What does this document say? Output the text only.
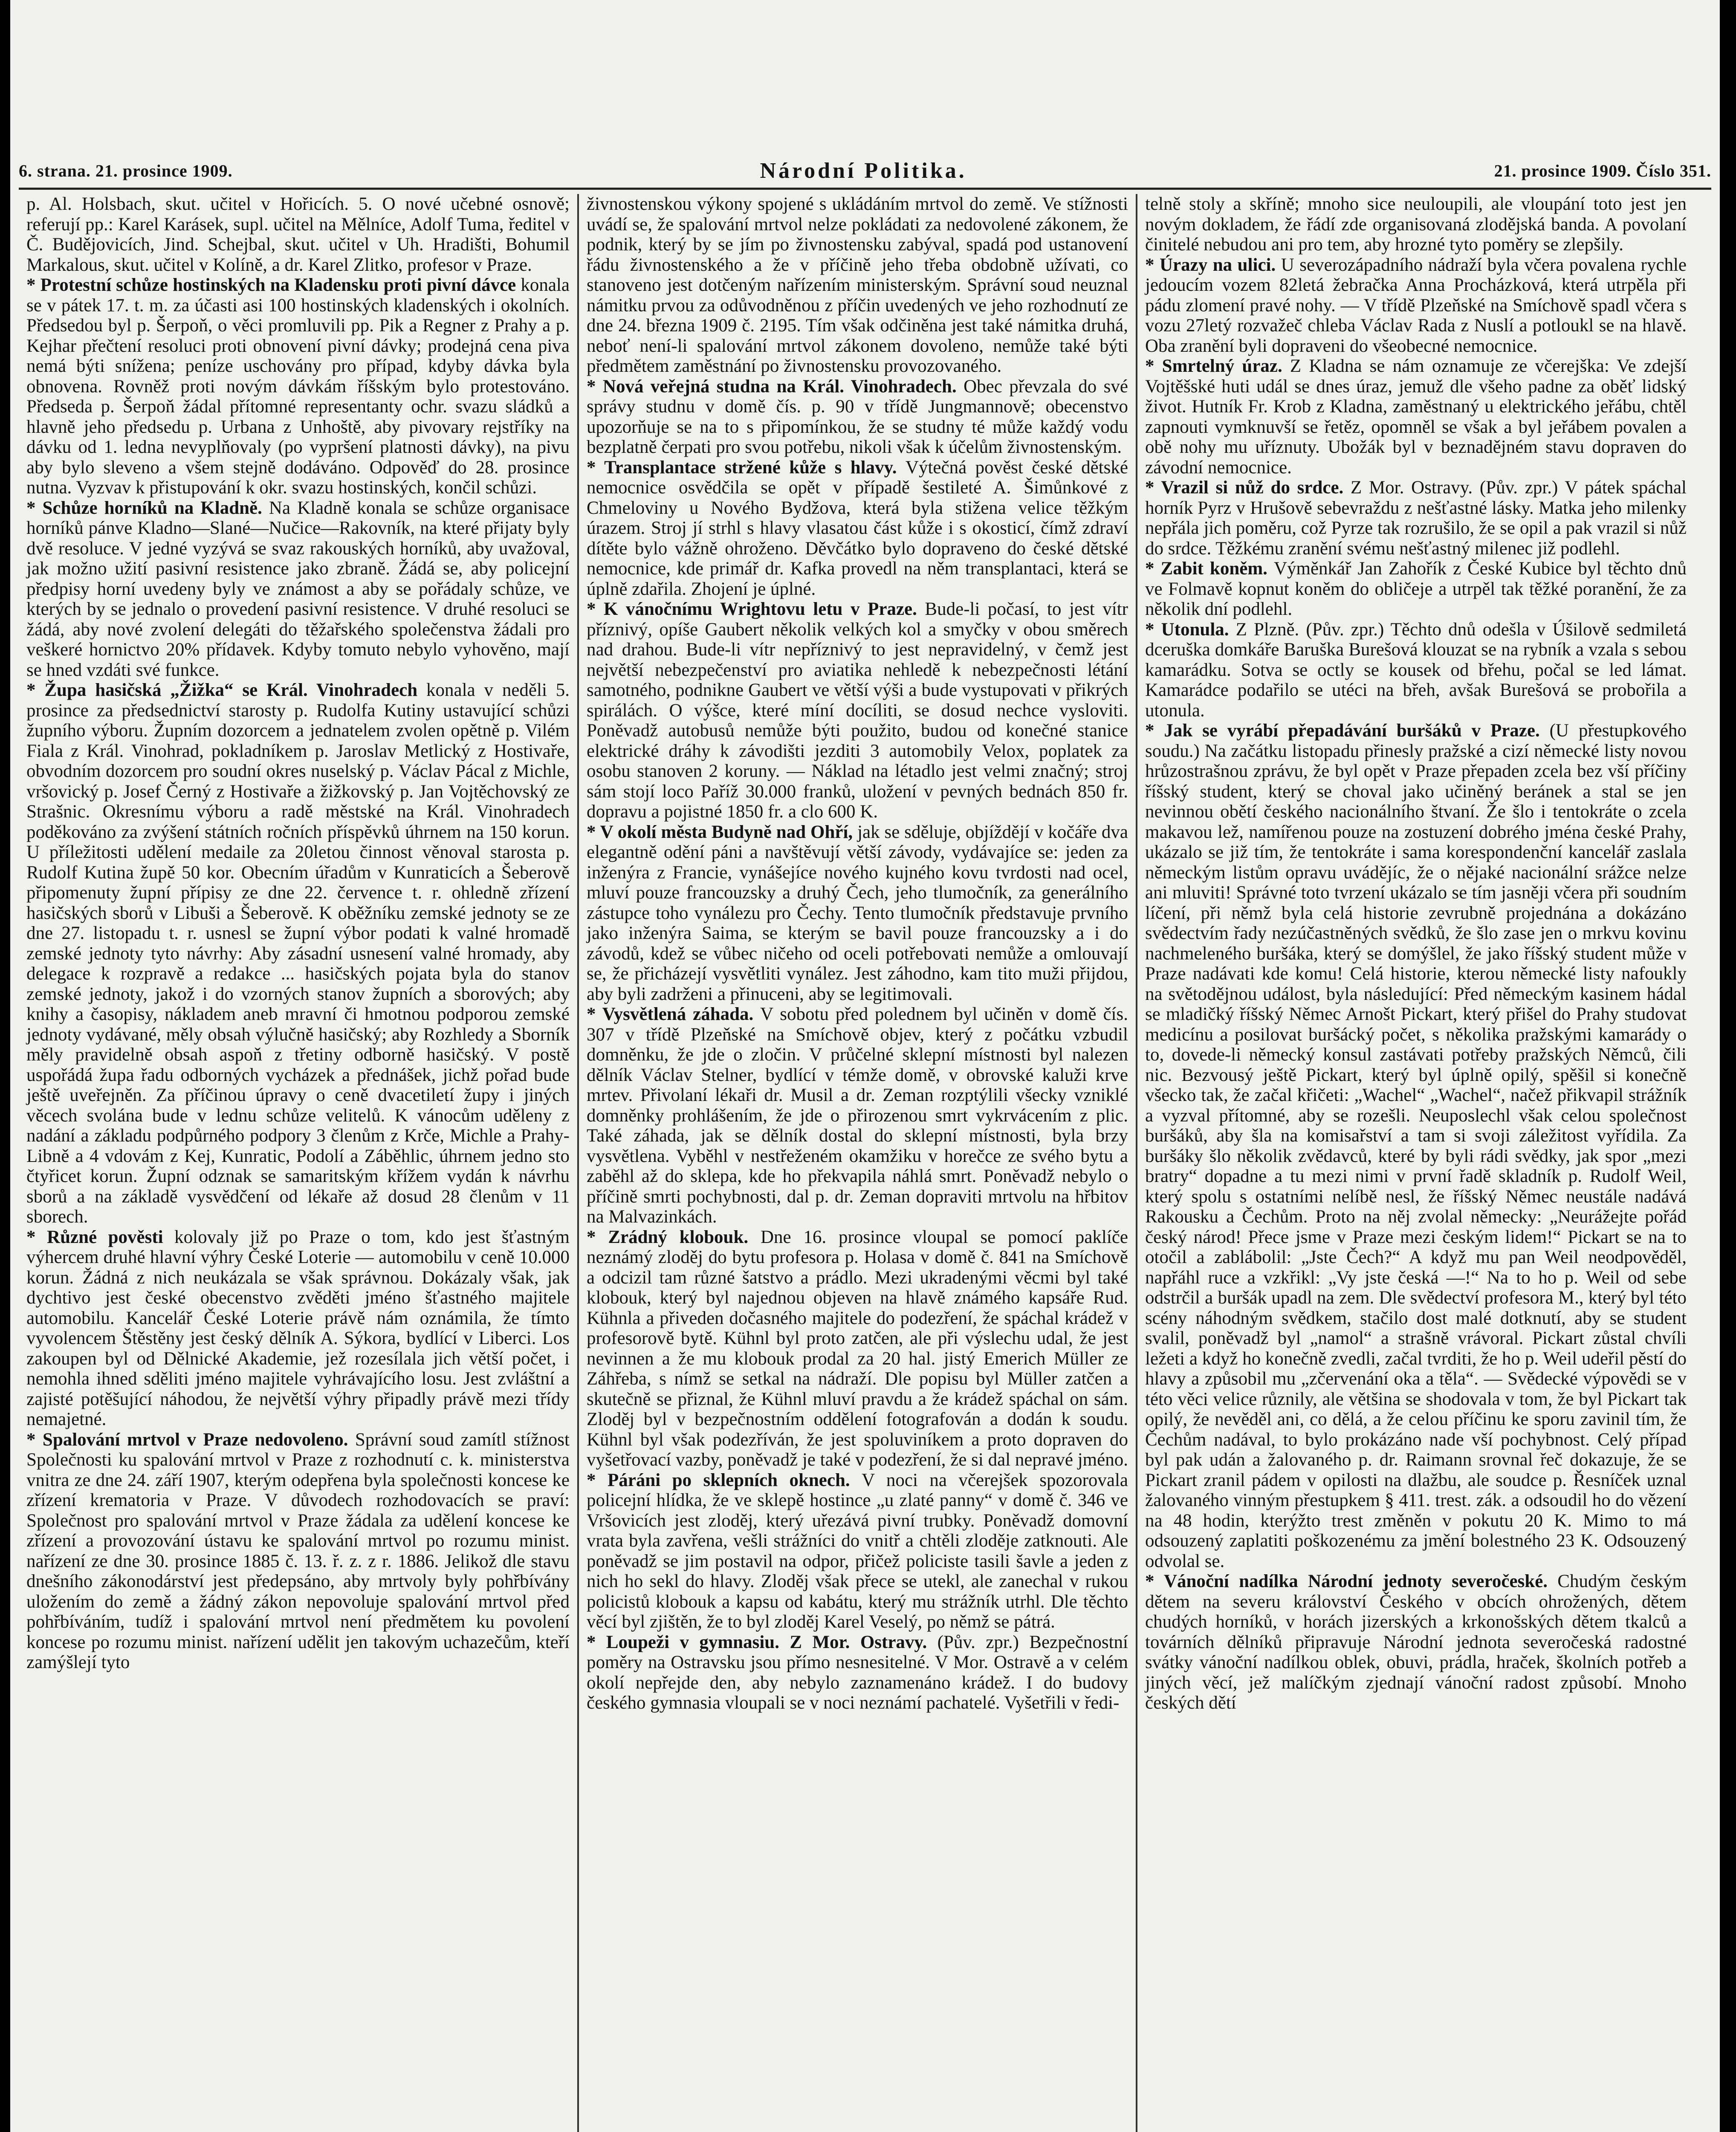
6. strana. 21. prosince 1909.	Národní Politika.	21. prosince 1909. Číslo 351.

p. Al. Holsbach, skut. učitel v Hořicích. 5. O nové učebné osnově; referují pp.: Karel Karásek, supl. učitel na Mělníce, Adolf Tuma, ředitel v Č. Budějovicích, Jind. Schejbal, skut. učitel v Uh. Hradišti, Bohumil Markalous, skut. učitel v Kolíně, a dr. Karel Zlitko, profesor v Praze.

* Protestní schůze hostinských na Kladensku proti pivní dávce konala se v pátek 17. t. m. za účasti asi 100 hostinských kladenských i okolních. Předsedou byl p. Šerpoň, o věci promluvili pp. Pik a Regner z Prahy a p. Kejhar přečtení resoluci proti obnovení pivní dávky; prodejná cena piva nemá býti snížena; peníze uschovány pro případ, kdyby dávka byla obnovena. Rovněž proti novým dávkám říšským bylo protestováno. Předseda p. Šerpoň žádal přítomné representanty ochr. svazu sládků a hlavně jeho předsedu p. Urbana z Unhoště, aby pivovary rejstříky na dávku od 1. ledna nevyplňovaly (po vypršení platnosti dávky), na pivu aby bylo sleveno a všem stejně dodáváno. Odpověď do 28. prosince nutna. Vyzvav k přistupování k okr. svazu hostinských, končil schůzi.

* Schůze horníků na Kladně. Na Kladně konala se schůze organisace horníků pánve Kladno—Slané—Nučice—Rakovník, na které přijaty byly dvě resoluce. V jedné vyzývá se svaz rakouských horníků, aby uvažoval, jak možno užití pasivní resistence jako zbraně. Žádá se, aby policejní předpisy horní uvedeny byly ve známost a aby se pořádaly schůze, ve kterých by se jednalo o provedení pasivní resistence. V druhé resoluci se žádá, aby nové zvolení delegáti do těžařského společenstva žádali pro veškeré hornictvo 20% přídavek. Kdyby tomuto nebylo vyhověno, mají se hned vzdáti své funkce.

* Župa hasičská „Žižka“ se Král. Vinohradech konala v neděli 5. prosince za předsednictví starosty p. Rudolfa Kutiny ustavující schůzi župního výboru. Župním dozorcem a jednatelem zvolen opětně p. Vilém Fiala z Král. Vinohrad, pokladníkem p. Jaroslav Metlický z Hostivaře, obvodním dozorcem pro soudní okres nuselský p. Václav Pácal z Michle, vršovický p. Josef Černý z Hostivaře a žižkovský p. Jan Vojtěchovský ze Strašnic. Okresnímu výboru a radě městské na Král. Vinohradech poděkováno za zvýšení státních ročních příspěvků úhrnem na 150 korun. U příležitosti udělení medaile za 20letou činnost věnoval starosta p. Rudolf Kutina župě 50 kor. Obecním úřadům v Kunraticích a Šeberově připomenuty župní přípisy ze dne 22. července t. r. ohledně zřízení hasičských sborů v Libuši a Šeberově. K oběžníku zemské jednoty se ze dne 27. listopadu t. r. usnesl se župní výbor podati k valné hromadě zemské jednoty tyto návrhy: Aby zásadní usnesení valné hromady, aby delegace k rozpravě a redakce ... hasičských pojata byla do stanov zemské jednoty, jakož i do vzorných stanov župních a sborových; aby knihy a časopisy, nákladem aneb mravní či hmotnou podporou zemské jednoty vydávané, měly obsah výlučně hasičský; aby Rozhledy a Sborník měly pravidelně obsah aspoň z třetiny odborně hasičský. V postě uspořádá župa řadu odborných vycházek a přednášek, jichž pořad bude ještě uveřejněn. Za příčinou úpravy o ceně dvacetiletí župy i jiných věcech svolána bude v lednu schůze velitelů. K vánocům uděleny z nadání a základu podpůrného podpory 3 členům z Krče, Michle a Prahy-Libně a 4 vdovám z Kej, Kunratic, Podolí a Záběhlic, úhrnem jedno sto čtyřicet korun. Župní odznak se samaritským křížem vydán k návrhu sborů a na základě vysvědčení od lékaře až dosud 28 členům v 11 sborech.

* Různé pověsti kolovaly již po Praze o tom, kdo jest šťastným výhercem druhé hlavní výhry České Loterie — automobilu v ceně 10.000 korun. Žádná z nich neukázala se však správnou. Dokázaly však, jak dychtivo jest české obecenstvo zvěděti jméno šťastného majitele automobilu. Kancelář České Loterie právě nám oznámila, že tímto vyvolencem Štěstěny jest český dělník A. Sýkora, bydlící v Liberci. Los zakoupen byl od Dělnické Akademie, jež rozesílala jich větší počet, i nemohla ihned sděliti jméno majitele vyhrávajícího losu. Jest zvláštní a zajisté potěšující náhodou, že největší výhry připadly právě mezi třídy nemajetné.

* Spalování mrtvol v Praze nedovoleno. Správní soud zamítl stížnost Společnosti ku spalování mrtvol v Praze z rozhodnutí c. k. ministerstva vnitra ze dne 24. září 1907, kterým odepřena byla společnosti koncese ke zřízení krematoria v Praze. V důvodech rozhodovacích se praví: Společnost pro spalování mrtvol v Praze žádala za udělení koncese ke zřízení a provozování ústavu ke spalování mrtvol po rozumu minist. nařízení ze dne 30. prosince 1885 č. 13. ř. z. z r. 1886. Jelikož dle stavu dnešního zákonodárství jest předepsáno, aby mrtvoly byly pohřbívány uložením do země a žádný zákon nepovoluje spalování mrtvol před pohřbíváním, tudíž i spalování mrtvol není předmětem ku povolení koncese po rozumu minist. nařízení udělit jen takovým uchazečům, kteří zamýšlejí tyto

živnostenskou výkony spojené s ukládáním mrtvol do země. Ve stížnosti uvádí se, že spalování mrtvol nelze pokládati za nedovolené zákonem, že podnik, který by se jím po živnostensku zabýval, spadá pod ustanovení řádu živnostenského a že v příčině jeho třeba obdobně užívati, co stanoveno jest dotčeným nařízením ministerským. Správní soud neuznal námitku prvou za odůvodněnou z příčin uvedených ve jeho rozhodnutí ze dne 24. března 1909 č. 2195. Tím však odčiněna jest také námitka druhá, neboť není-li spalování mrtvol zákonem dovoleno, nemůže také býti předmětem zaměstnání po živnostensku provozovaného.

* Nová veřejná studna na Král. Vinohradech. Obec převzala do své správy studnu v domě čís. p. 90 v třídě Jungmannově; obecenstvo upozorňuje se na to s připomínkou, že se studny té může každý vodu bezplatně čerpati pro svou potřebu, nikoli však k účelům živnostenským.

* Transplantace stržené kůže s hlavy. Výtečná pověst české dětské nemocnice osvědčila se opět v případě šestileté A. Šimůnkové z Chmeloviny u Nového Bydžova, která byla stižena velice těžkým úrazem. Stroj jí strhl s hlavy vlasatou část kůže i s okosticí, čímž zdraví dítěte bylo vážně ohroženo. Děvčátko bylo dopraveno do české dětské nemocnice, kde primář dr. Kafka provedl na něm transplantaci, která se úplně zdařila. Zhojení je úplné.

* K vánočnímu Wrightovu letu v Praze. Bude-li počasí, to jest vítr příznivý, opíše Gaubert několik velkých kol a smyčky v obou směrech nad drahou. Bude-li vítr nepříznivý to jest nepravidelný, v čemž jest největší nebezpečenství pro aviatika nehledě k nebezpečnosti létání samotného, podnikne Gaubert ve větší výši a bude vystupovati v přikrých spirálách. O výšce, které míní docíliti, se dosud nechce vysloviti. Poněvadž autobusů nemůže býti použito, budou od konečné stanice elektrické dráhy k závodišti jezditi 3 automobily Velox, poplatek za osobu stanoven 2 koruny. — Náklad na létadlo jest velmi značný; stroj sám stojí loco Paříž 30.000 franků, uložení v pevných bednách 850 fr. dopravu a pojistné 1850 fr. a clo 600 K.

* V okolí města Budyně nad Ohří, jak se sděluje, objíždějí v kočáře dva elegantně odění páni a navštěvují větší závody, vydávajíce se: jeden za inženýra z Francie, vynášejíce nového kujného kovu tvrdosti nad ocel, mluví pouze francouzsky a druhý Čech, jeho tlumočník, za generálního zástupce toho vynálezu pro Čechy. Tento tlumočník představuje prvního jako inženýra Saima, se kterým se bavil pouze francouzsky a i do závodů, kdež se vůbec ničeho od oceli potřebovati nemůže a omlouvají se, že přicházejí vysvětliti vynález. Jest záhodno, kam tito muži přijdou, aby byli zadrženi a přinuceni, aby se legitimovali.

* Vysvětlená záhada. V sobotu před polednem byl učiněn v domě čís. 307 v třídě Plzeňské na Smíchově objev, který z počátku vzbudil domněnku, že jde o zločin. V průčelné sklepní místnosti byl nalezen dělník Václav Stelner, bydlící v témže domě, v obrovské kaluži krve mrtev. Přivolaní lékaři dr. Musil a dr. Zeman rozptýlili všecky vzniklé domněnky prohlášením, že jde o přirozenou smrt vykrvácením z plic. Také záhada, jak se dělník dostal do sklepní místnosti, byla brzy vysvětlena. Vyběhl v nestřeženém okamžiku v horečce ze svého bytu a zaběhl až do sklepa, kde ho překvapila náhlá smrt. Poněvadž nebylo o příčině smrti pochybnosti, dal p. dr. Zeman dopraviti mrtvolu na hřbitov na Malvazinkách.

* Zrádný klobouk. Dne 16. prosince vloupal se pomocí paklíče neznámý zloděj do bytu profesora p. Holasa v domě č. 841 na Smíchově a odcizil tam různé šatstvo a prádlo. Mezi ukradenými věcmi byl také klobouk, který byl najednou objeven na hlavě známého kapsáře Rud. Kühnla a přiveden dočasného majitele do podezření, že spáchal krádež v profesorově bytě. Kühnl byl proto zatčen, ale při výslechu udal, že jest nevinnen a že mu klobouk prodal za 20 hal. jistý Emerich Müller ze Záhřeba, s nímž se setkal na nádraží. Dle popisu byl Müller zatčen a skutečně se přiznal, že Kühnl mluví pravdu a že krádež spáchal on sám. Zloděj byl v bezpečnostním oddělení fotografován a dodán k soudu. Kühnl byl však podezříván, že jest spoluviníkem a proto dopraven do vyšetřovací vazby, poněvadž je také v podezření, že si dal nepravé jméno.

* Páráni po sklepních oknech. V noci na včerejšek spozorovala policejní hlídka, že ve sklepě hostince „u zlaté panny“ v domě č. 346 ve Vršovicích jest zloděj, který uřezává pivní trubky. Poněvadž domovní vrata byla zavřena, vešli strážníci do vnitř a chtěli zloděje zatknouti. Ale poněvadž se jim postavil na odpor, přičež policiste tasili šavle a jeden z nich ho sekl do hlavy. Zloděj však přece se utekl, ale zanechal v rukou policistů klobouk a kapsu od kabátu, který mu strážník utrhl. Dle těchto věcí byl zjištěn, že to byl zloděj Karel Veselý, po němž se pátrá.

* Loupeži v gymnasiu. Z Mor. Ostravy. (Pův. zpr.) Bezpečnostní poměry na Ostravsku jsou přímo nesnesitelné. V Mor. Ostravě a v celém okolí nepřejde den, aby nebylo zaznamenáno krádež. I do budovy českého gymnasia vloupali se v noci neznámí pachatelé. Vyšetřili v ředi-

telně stoly a skříně; mnoho sice neuloupili, ale vloupání toto jest jen novým dokladem, že řádí zde organisovaná zlodějská banda. A povolaní činitelé nebudou ani pro tem, aby hrozné tyto poměry se zlepšily.

* Úrazy na ulici. U severozápadního nádraží byla včera povalena rychle jedoucím vozem 82letá žebračka Anna Procházková, která utrpěla při pádu zlomení pravé nohy. — V třídě Plzeňské na Smíchově spadl včera s vozu 27letý rozvažeč chleba Václav Rada z Nuslí a potloukl se na hlavě. Oba zranění byli dopraveni do všeobecné nemocnice.

* Smrtelný úraz. Z Kladna se nám oznamuje ze včerejška: Ve zdejší Vojtěšské huti udál se dnes úraz, jemuž dle všeho padne za oběť lidský život. Hutník Fr. Krob z Kladna, zaměstnaný u elektrického jeřábu, chtěl zapnouti vymknuvší se řetěz, opomněl se však a byl jeřábem povalen a obě nohy mu uříznuty. Ubožák byl v beznadějném stavu dopraven do závodní nemocnice.

* Vrazil si nůž do srdce. Z Mor. Ostravy. (Pův. zpr.) V pátek spáchal horník Pyrz v Hrušově sebevraždu z nešťastné lásky. Matka jeho milenky nepřála jich poměru, což Pyrze tak rozrušilo, že se opil a pak vrazil si nůž do srdce. Těžkému zranění svému nešťastný milenec již podlehl.

* Zabit koněm. Výměnkář Jan Zahořík z České Kubice byl těchto dnů ve Folmavě kopnut koněm do obličeje a utrpěl tak těžké poranění, že za několik dní podlehl.

* Utonula. Z Plzně. (Pův. zpr.) Těchto dnů odešla v Úšilově sedmiletá dceruška domkáře Baruška Burešová klouzat se na rybník a vzala s sebou kamarádku. Sotva se octly se kousek od břehu, počal se led lámat. Kamarádce podařilo se utéci na břeh, avšak Burešová se probořila a utonula.

* Jak se vyrábí přepadávání buršáků v Praze. (U přestupkového soudu.) Na začátku listopadu přinesly pražské a cizí německé listy novou hrůzostrašnou zprávu, že byl opět v Praze přepaden zcela bez vší příčiny říšský student, který se choval jako učiněný beránek a stal se jen nevinnou obětí českého nacionálního štvaní. Že šlo i tentokráte o zcela makavou lež, namířenou pouze na zostuzení dobrého jména české Prahy, ukázalo se již tím, že tentokráte i sama korespondenční kancelář zaslala německým listům opravu uvádějíc, že o nějaké nacionální srážce nelze ani mluviti! Správné toto tvrzení ukázalo se tím jasněji včera při soudním líčení, při němž byla celá historie zevrubně projednána a dokázáno svědectvím řady nezúčastněných svědků, že šlo zase jen o mrkvu kovinu nachmeleného buršáka, který se domýšlel, že jako říšský student může v Praze nadávati kde komu! Celá historie, kterou německé listy nafoukly na světodějnou událost, byla následující: Před německým kasinem hádal se mladičký říšský Němec Arnošt Pickart, který přišel do Prahy studovat medicínu a posilovat buršácký počet, s několika pražskými kamarády o to, dovede-li německý konsul zastávati potřeby pražských Němců, čili nic. Bezvousý ještě Pickart, který byl úplně opilý, spěšil si konečně všecko tak, že začal křičeti: „Wachel“ „Wachel“, načež přikvapil strážník a vyzval přítomné, aby se rozešli. Neuposlechl však celou společnost buršáků, aby šla na komisařství a tam si svoji záležitost vyřídila. Za buršáky šlo několik zvědavců, které by byli rádi svědky, jak spor „mezi bratry“ dopadne a tu mezi nimi v první řadě skladník p. Rudolf Weil, který spolu s ostatními nelíbě nesl, že říšský Němec neustále nadává Rakousku a Čechům. Proto na něj zvolal německy: „Neurážejte pořád český národ! Přece jsme v Praze mezi českým lidem!“ Pickart se na to otočil a zablábolil: „Jste Čech?“ A když mu pan Weil neodpověděl, napřáhl ruce a vzkřikl: „Vy jste česká —!“ Na to ho p. Weil od sebe odstrčil a buršák upadl na zem. Dle svědectví profesora M., který byl této scény náhodným svědkem, stačilo dost malé dotknutí, aby se student svalil, poněvadž byl „namol“ a strašně vrávoral. Pickart zůstal chvíli ležeti a když ho konečně zvedli, začal tvrditi, že ho p. Weil udeřil pěstí do hlavy a způsobil mu „zčervenání oka a těla“. — Svědecké výpovědi se v této věci velice různily, ale většina se shodovala v tom, že byl Pickart tak opilý, že nevěděl ani, co dělá, a že celou příčinu ke sporu zavinil tím, že Čechům nadával, to bylo prokázáno nade vší pochybnost. Celý případ byl pak udán a žalovaného p. dr. Raimann srovnal řeč dokazuje, že se Pickart zranil pádem v opilosti na dlažbu, ale soudce p. Řesníček uznal žalovaného vinným přestupkem § 411. trest. zák. a odsoudil ho do vězení na 48 hodin, kterýžto trest změněn v pokutu 20 K. Mimo to má odsouzený zaplatiti poškozenému za jmění bolestného 23 K. Odsouzený odvolal se.

* Vánoční nadílka Národní jednoty severočeské. Chudým českým dětem na severu království Českého v obcích ohrožených, dětem chudých horníků, v horách jizerských a krkonošských dětem tkalců a továrních dělníků připravuje Národní jednota severočeská radostné svátky vánoční nadílkou oblek, obuvi, prádla, hraček, školních potřeb a jiných věcí, jež malíčkým zjednají vánoční radost způsobí. Mnoho českých dětí
